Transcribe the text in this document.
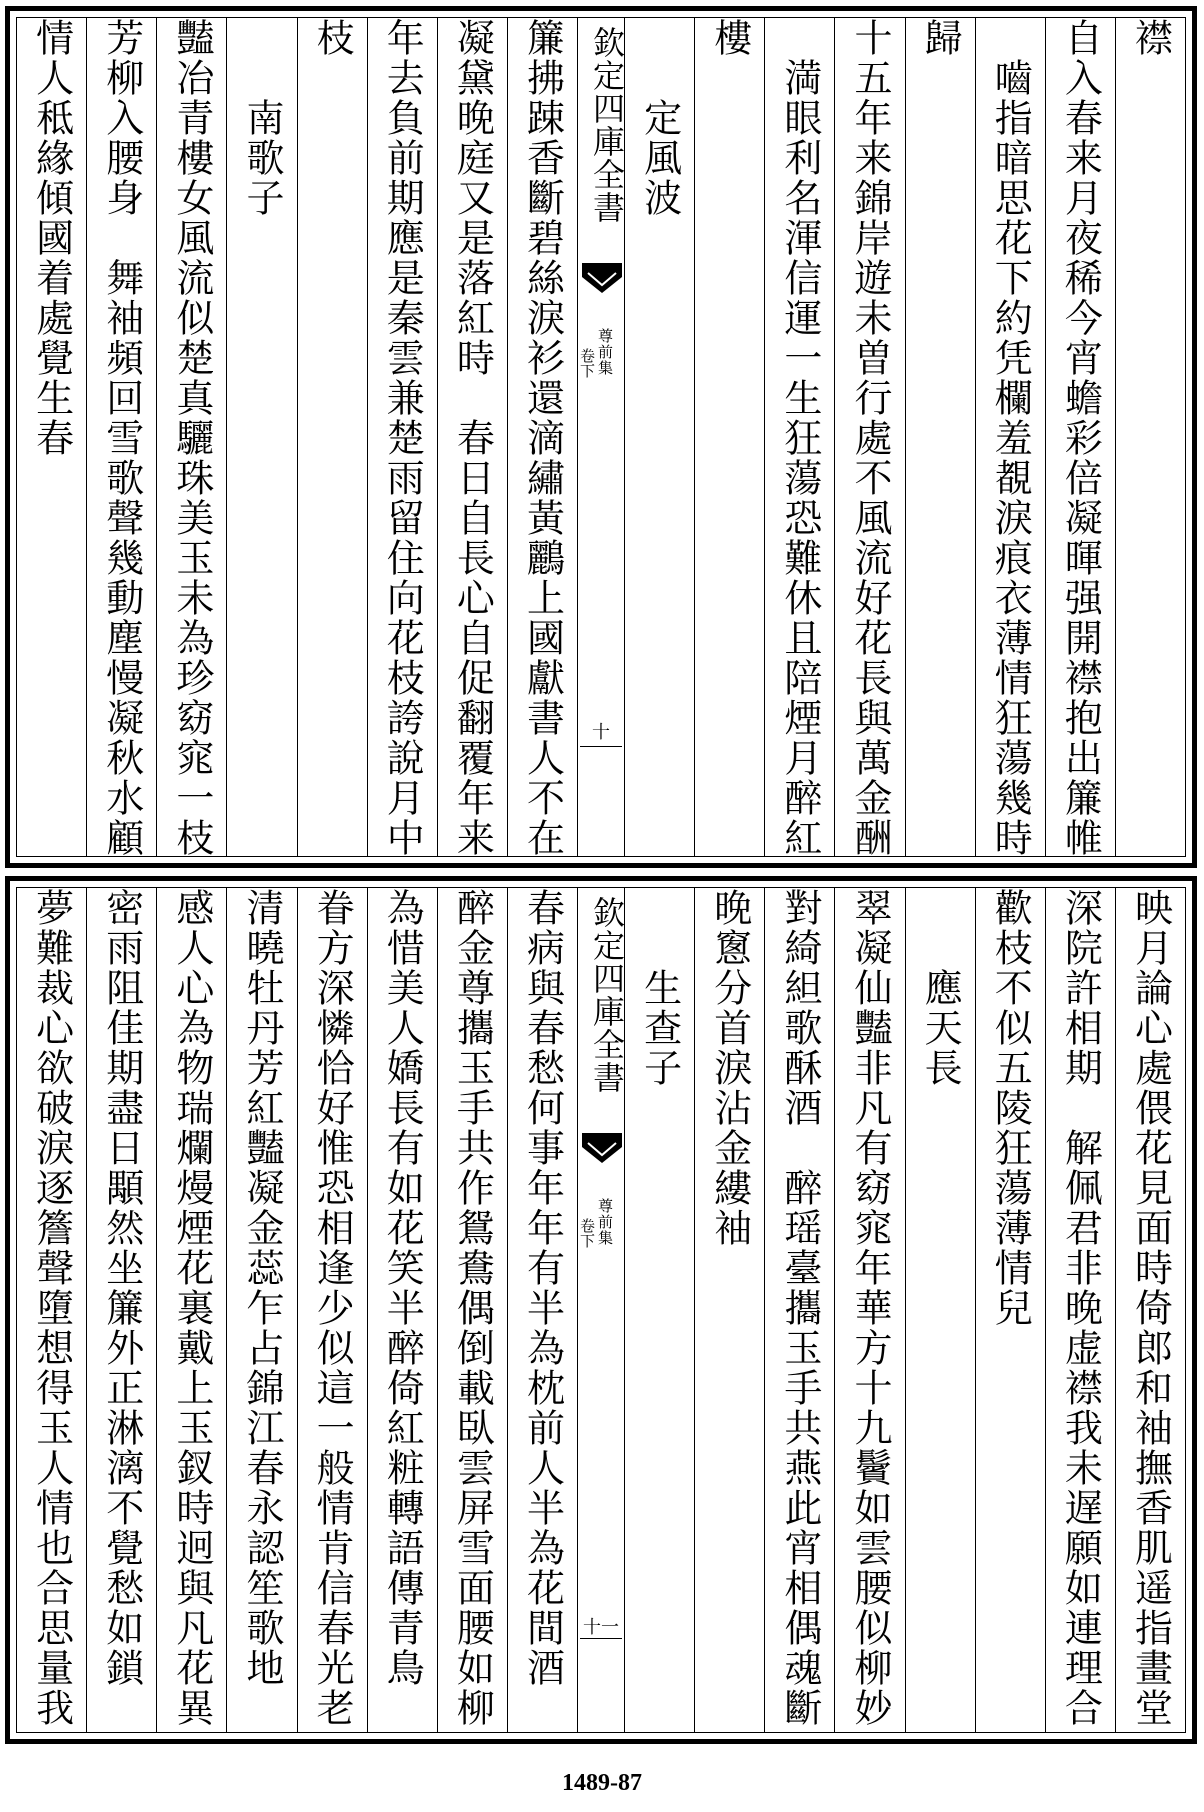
襟
自入春来月夜稀今宵蟾彩倍凝暉强開襟抱出簾帷
　嚙指暗思花下約凭欄羞覩淚痕衣薄情狂蕩幾時
歸
十五年来錦岸遊未曽行處不風流好花長與萬金酬
　満眼利名渾信運一生狂蕩恐難休且陪煙月醉紅
樓
　　定風波
欽定四庫全書
尊前集
卷下
十
簾拂踈香斷碧絲淚衫還滴繡黃鸝上國獻書人不在
凝黛晚庭又是落紅時　春日自長心自促翻覆年来
年去負前期應是秦雲兼楚雨留住向花枝誇說月中
枝
　　南歌子
豔冶青樓女風流似楚真驪珠美玉未為珍窈窕一枝
芳柳入腰身　舞袖頻回雪歌聲幾動塵慢凝秋水顧
情人秪緣傾國着處覺生春
映月論心處偎花見面時倚郎和袖撫香肌遥指畫堂
深院許相期　解佩君非晚虚襟我未遅願如連理合
歡枝不似五陵狂蕩薄情兒
　　應天長
翠凝仙豔非凡有窈窕年華方十九鬢如雲腰似柳妙
對綺䋎歌酥酒　醉瑶臺攜玉手共燕此宵相偶魂斷
晚窻分首淚沾金縷袖
　　生查子
欽定四庫全書
尊前集
卷下
十一
春病與春愁何事年年有半為枕前人半為花間酒
醉金尊攜玉手共作鴛鴦偶倒載臥雲屏雪面腰如柳
為惜美人嬌長有如花笑半醉倚紅粧轉語傳青鳥
眷方深憐恰好惟恐相逢少似這一般情肯信春光老
清曉牡丹芳紅豔凝金蕊乍占錦江春永認笙歌地
感人心為物瑞爛熳煙花裏戴上玉釵時迥與凡花異
密雨阻佳期盡日顒然坐簾外正淋漓不覺愁如鎖
夢難裁心欲破淚逐簷聲墮想得玉人情也合思量我
1489-87
